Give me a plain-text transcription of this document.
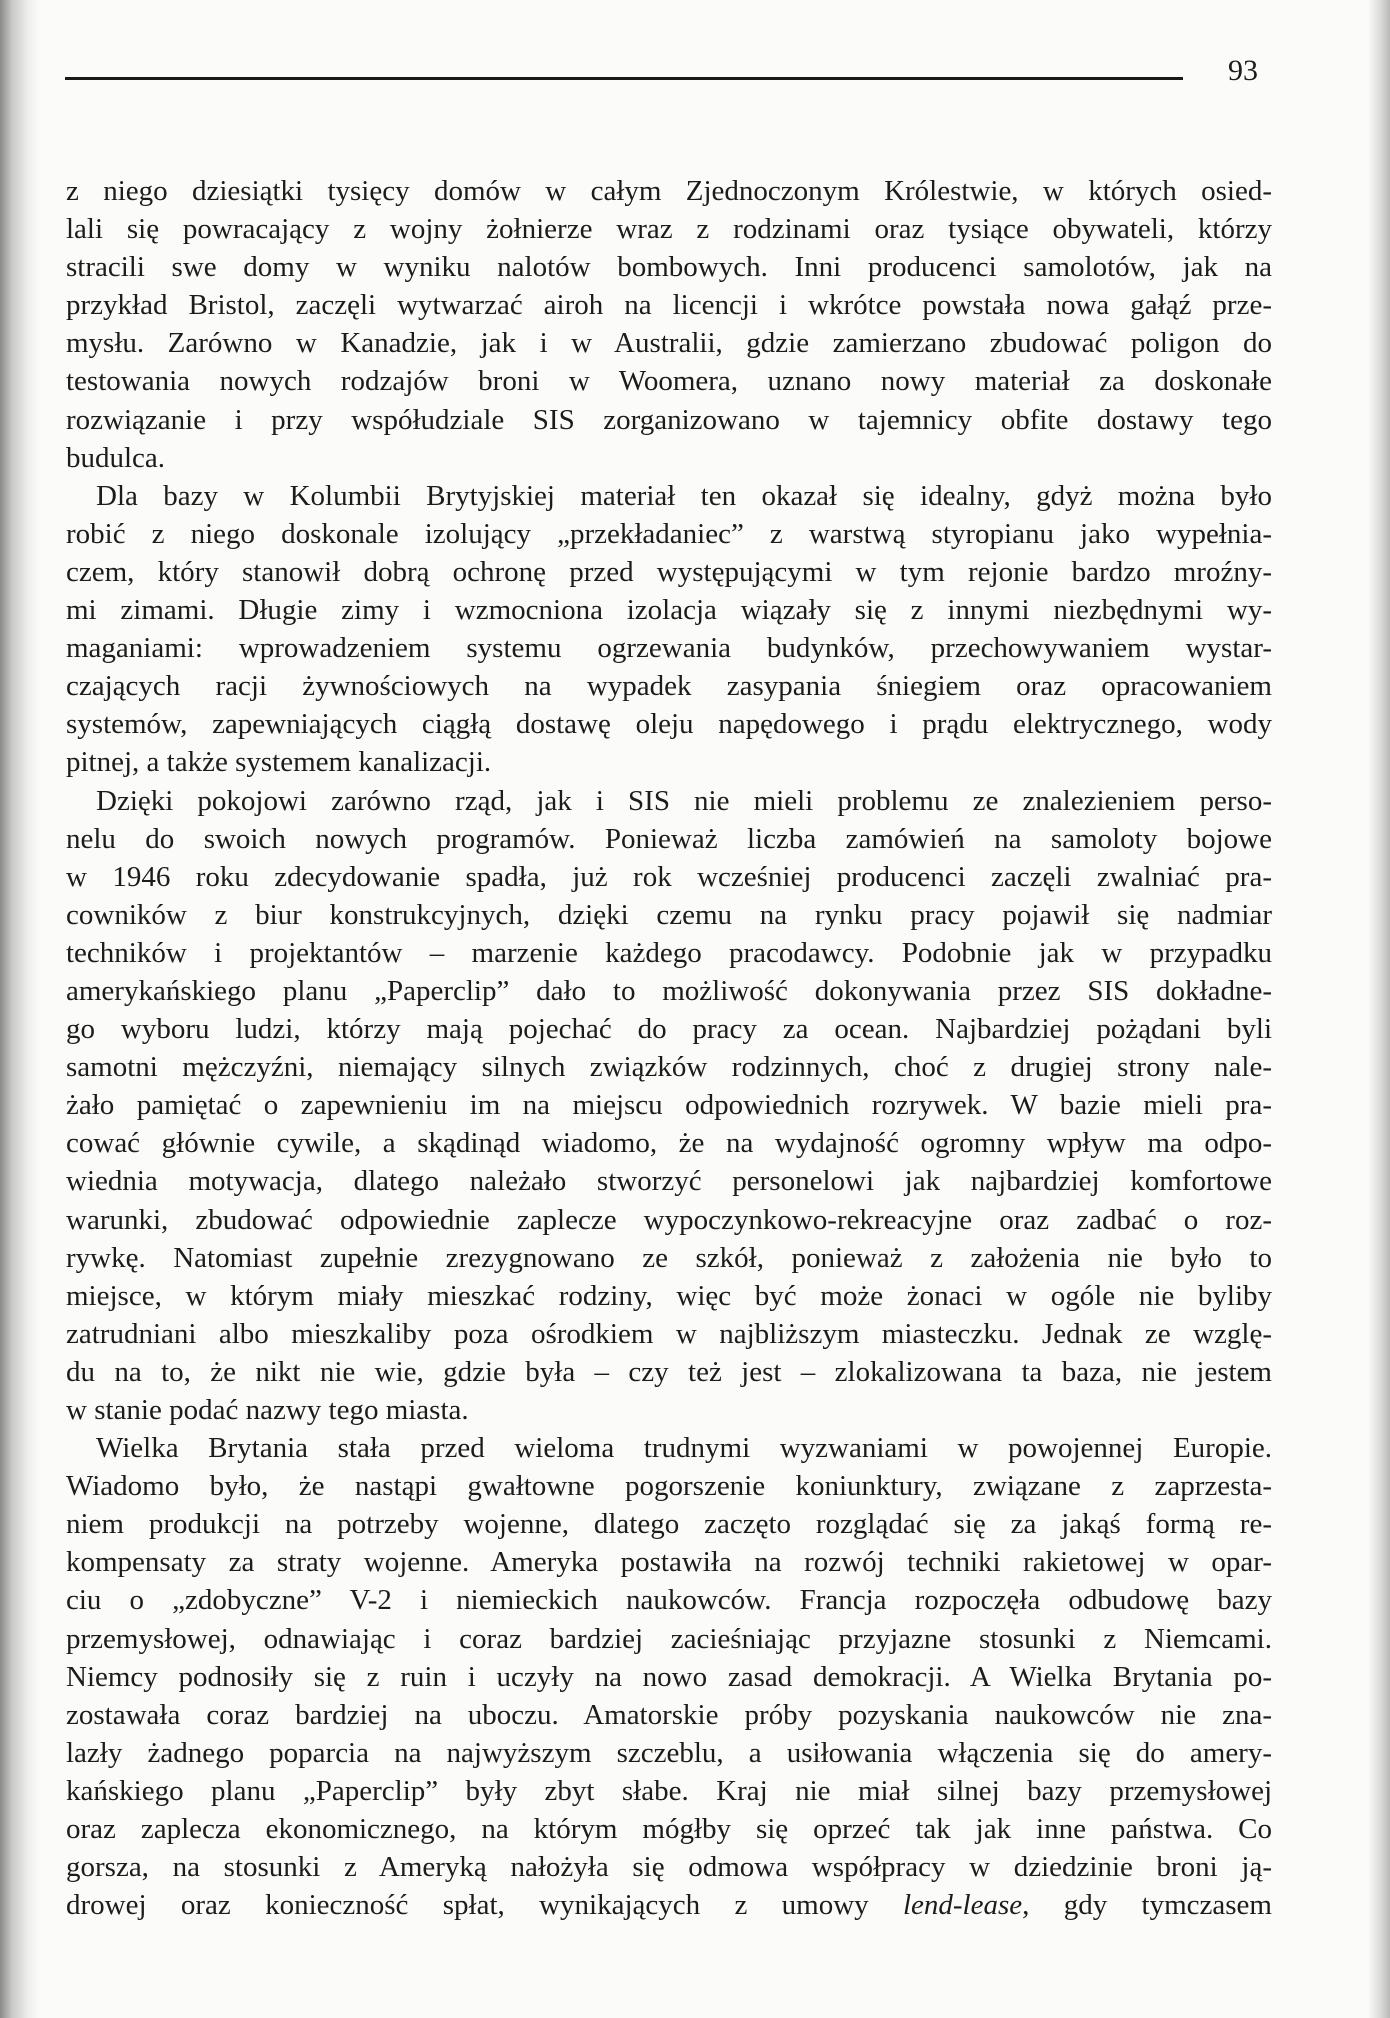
93
z niego dziesiątki tysięcy domów w całym Zjednoczonym Królestwie, w których osied-
lali się powracający z wojny żołnierze wraz z rodzinami oraz tysiące obywateli, którzy
stracili swe domy w wyniku nalotów bombowych. Inni producenci samolotów, jak na
przykład Bristol, zaczęli wytwarzać airoh na licencji i wkrótce powstała nowa gałąź prze-
mysłu. Zarówno w Kanadzie, jak i w Australii, gdzie zamierzano zbudować poligon do
testowania nowych rodzajów broni w Woomera, uznano nowy materiał za doskonałe
rozwiązanie i przy współudziale SIS zorganizowano w tajemnicy obfite dostawy tego
budulca.
Dla bazy w Kolumbii Brytyjskiej materiał ten okazał się idealny, gdyż można było
robić z niego doskonale izolujący „przekładaniec” z warstwą styropianu jako wypełnia-
czem, który stanowił dobrą ochronę przed występującymi w tym rejonie bardzo mroźny-
mi zimami. Długie zimy i wzmocniona izolacja wiązały się z innymi niezbędnymi wy-
maganiami: wprowadzeniem systemu ogrzewania budynków, przechowywaniem wystar-
czających racji żywnościowych na wypadek zasypania śniegiem oraz opracowaniem
systemów, zapewniających ciągłą dostawę oleju napędowego i prądu elektrycznego, wody
pitnej, a także systemem kanalizacji.
Dzięki pokojowi zarówno rząd, jak i SIS nie mieli problemu ze znalezieniem perso-
nelu do swoich nowych programów. Ponieważ liczba zamówień na samoloty bojowe
w 1946 roku zdecydowanie spadła, już rok wcześniej producenci zaczęli zwalniać pra-
cowników z biur konstrukcyjnych, dzięki czemu na rynku pracy pojawił się nadmiar
techników i projektantów – marzenie każdego pracodawcy. Podobnie jak w przypadku
amerykańskiego planu „Paperclip” dało to możliwość dokonywania przez SIS dokładne-
go wyboru ludzi, którzy mają pojechać do pracy za ocean. Najbardziej pożądani byli
samotni mężczyźni, niemający silnych związków rodzinnych, choć z drugiej strony nale-
żało pamiętać o zapewnieniu im na miejscu odpowiednich rozrywek. W bazie mieli pra-
cować głównie cywile, a skądinąd wiadomo, że na wydajność ogromny wpływ ma odpo-
wiednia motywacja, dlatego należało stworzyć personelowi jak najbardziej komfortowe
warunki, zbudować odpowiednie zaplecze wypoczynkowo-rekreacyjne oraz zadbać o roz-
rywkę. Natomiast zupełnie zrezygnowano ze szkół, ponieważ z założenia nie było to
miejsce, w którym miały mieszkać rodziny, więc być może żonaci w ogóle nie byliby
zatrudniani albo mieszkaliby poza ośrodkiem w najbliższym miasteczku. Jednak ze wzglę-
du na to, że nikt nie wie, gdzie była – czy też jest – zlokalizowana ta baza, nie jestem
w stanie podać nazwy tego miasta.
Wielka Brytania stała przed wieloma trudnymi wyzwaniami w powojennej Europie.
Wiadomo było, że nastąpi gwałtowne pogorszenie koniunktury, związane z zaprzesta-
niem produkcji na potrzeby wojenne, dlatego zaczęto rozglądać się za jakąś formą re-
kompensaty za straty wojenne. Ameryka postawiła na rozwój techniki rakietowej w opar-
ciu o „zdobyczne” V-2 i niemieckich naukowców. Francja rozpoczęła odbudowę bazy
przemysłowej, odnawiając i coraz bardziej zacieśniając przyjazne stosunki z Niemcami.
Niemcy podnosiły się z ruin i uczyły na nowo zasad demokracji. A Wielka Brytania po-
zostawała coraz bardziej na uboczu. Amatorskie próby pozyskania naukowców nie zna-
lazły żadnego poparcia na najwyższym szczeblu, a usiłowania włączenia się do amery-
kańskiego planu „Paperclip” były zbyt słabe. Kraj nie miał silnej bazy przemysłowej
oraz zaplecza ekonomicznego, na którym mógłby się oprzeć tak jak inne państwa. Co
gorsza, na stosunki z Ameryką nałożyła się odmowa współpracy w dziedzinie broni ją-
drowej oraz konieczność spłat, wynikających z umowy lend-lease, gdy tymczasem
